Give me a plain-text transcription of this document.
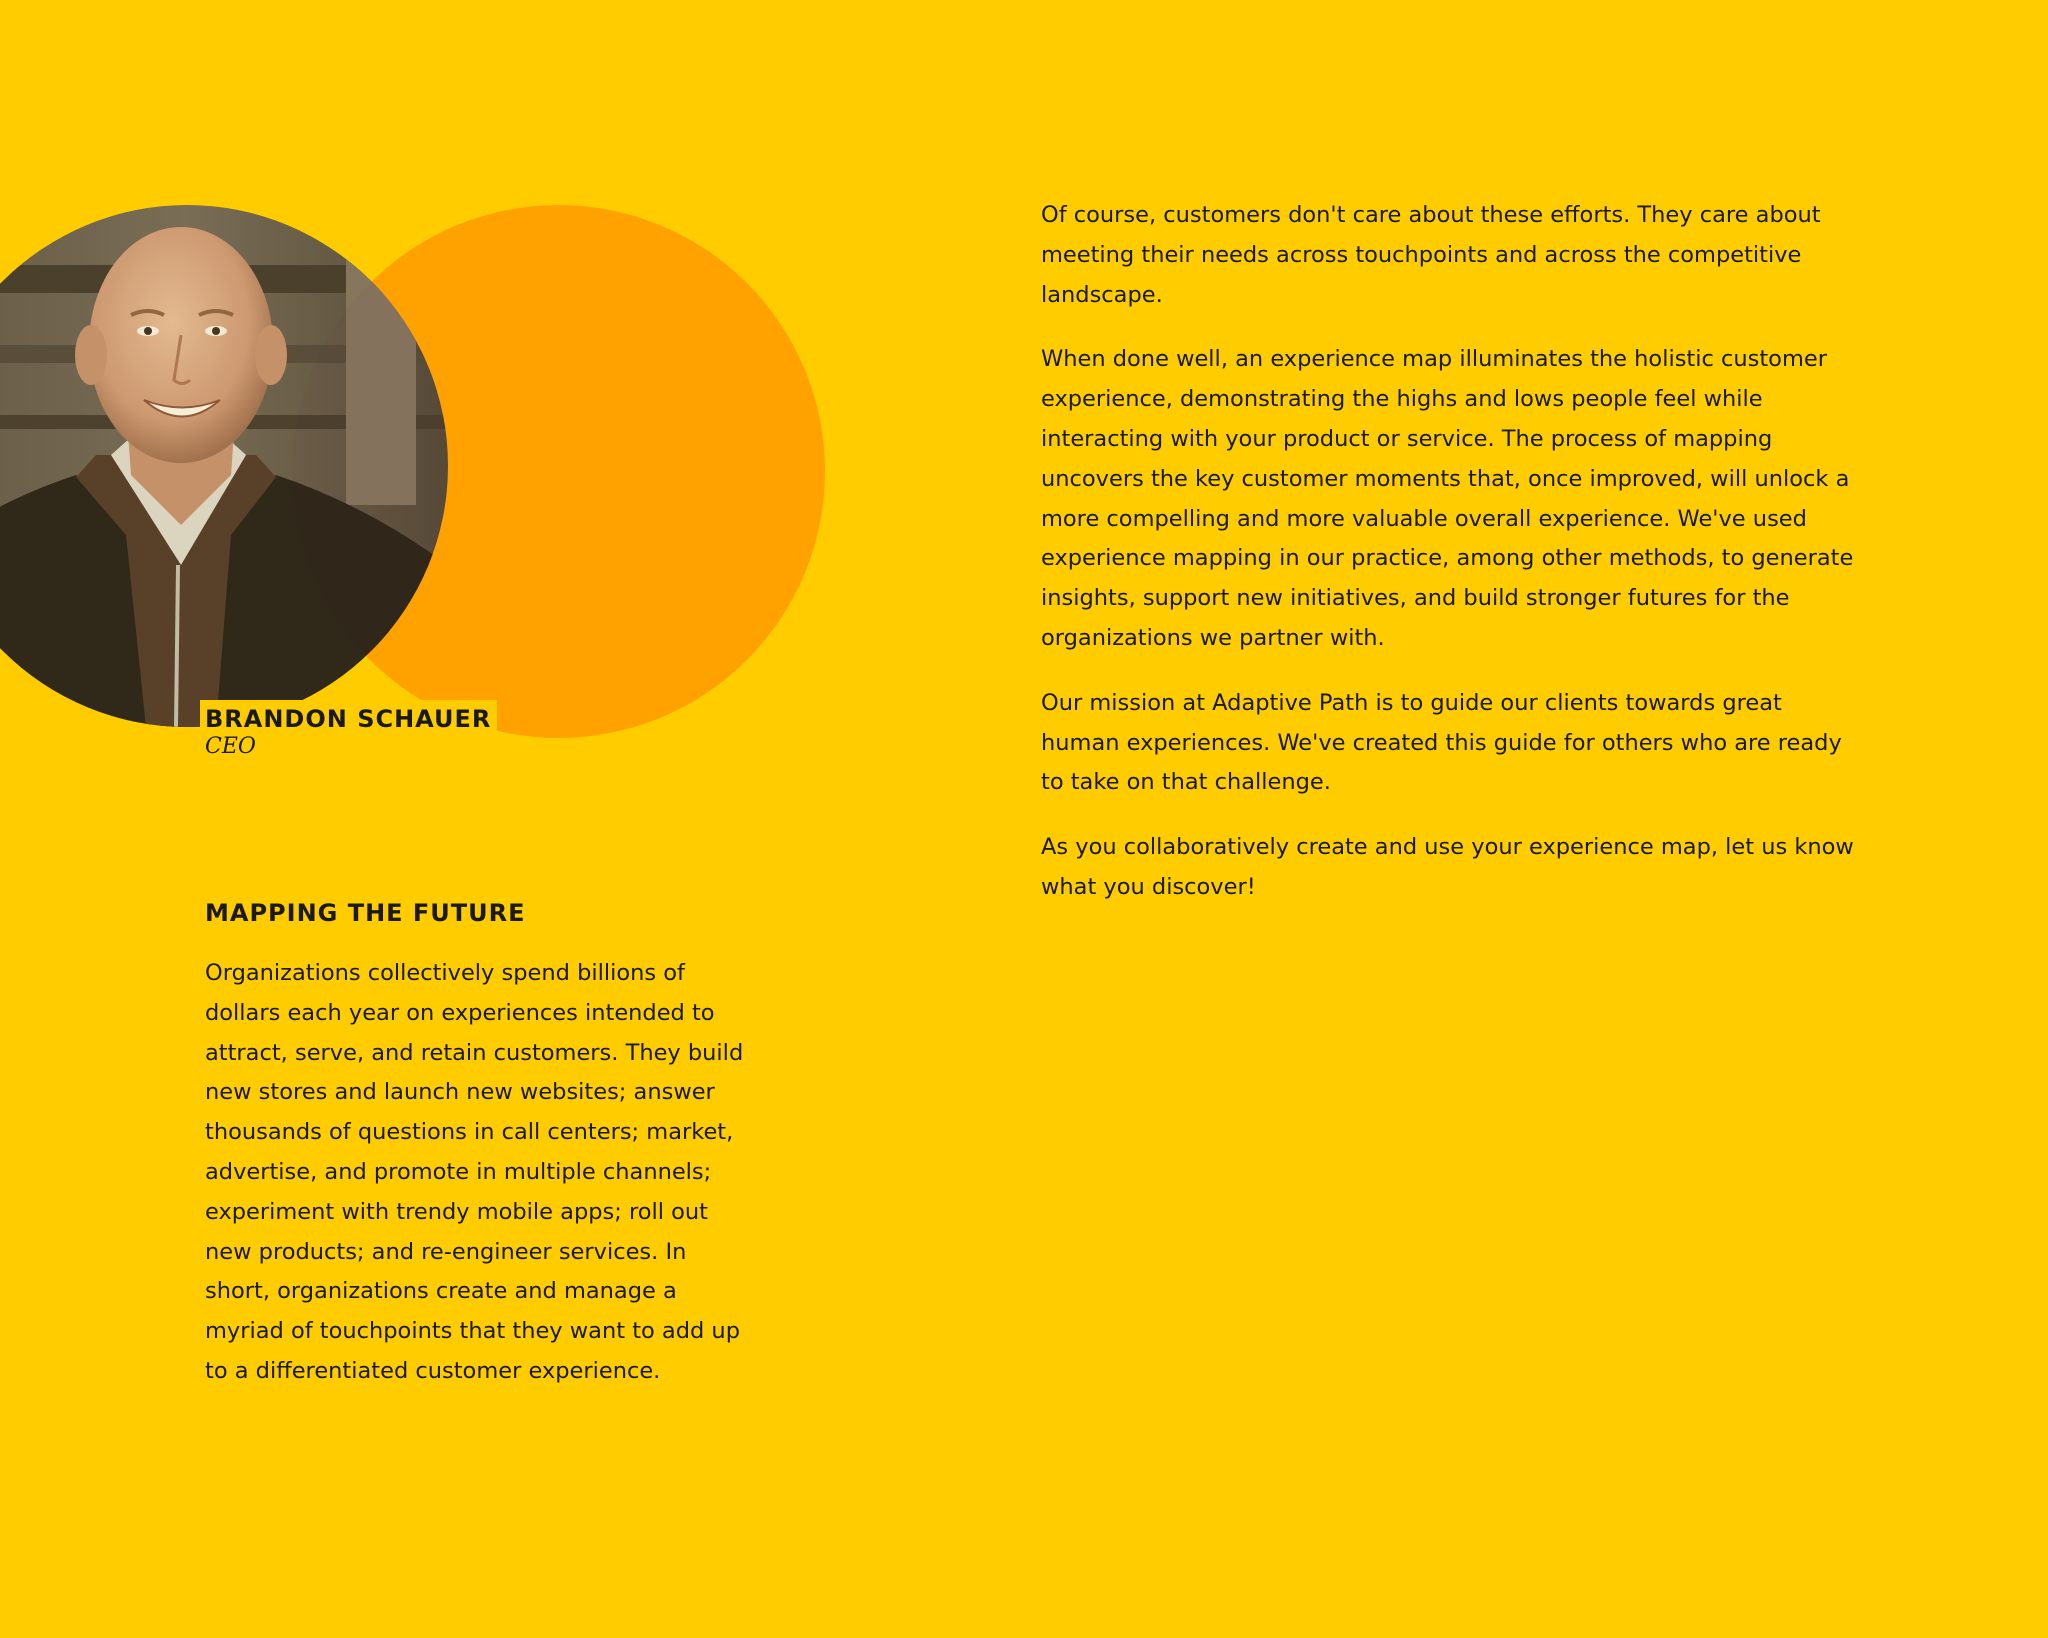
BRANDON SCHAUER
CEO
MAPPING THE FUTURE

Organizations collectively spend billions of dollars each year on experiences intended to attract, serve, and retain customers. They build new stores and launch new websites; answer thousands of questions in call centers; market, advertise, and promote in multiple channels; experiment with trendy mobile apps; roll out new products; and re-engineer services. In short, organizations create and manage a myriad of touchpoints that they want to add up to a differentiated customer experience.

Of course, customers don't care about these efforts. They care about meeting their needs across touchpoints and across the competitive landscape.

When done well, an experience map illuminates the holistic customer experience, demonstrating the highs and lows people feel while interacting with your product or service. The process of mapping uncovers the key customer moments that, once improved, will unlock a more compelling and more valuable overall experience. We've used experience mapping in our practice, among other methods, to generate insights, support new initiatives, and build stronger futures for the organizations we partner with.

Our mission at Adaptive Path is to guide our clients towards great human experiences. We've created this guide for others who are ready to take on that challenge.

As you collaboratively create and use your experience map, let us know what you discover!
